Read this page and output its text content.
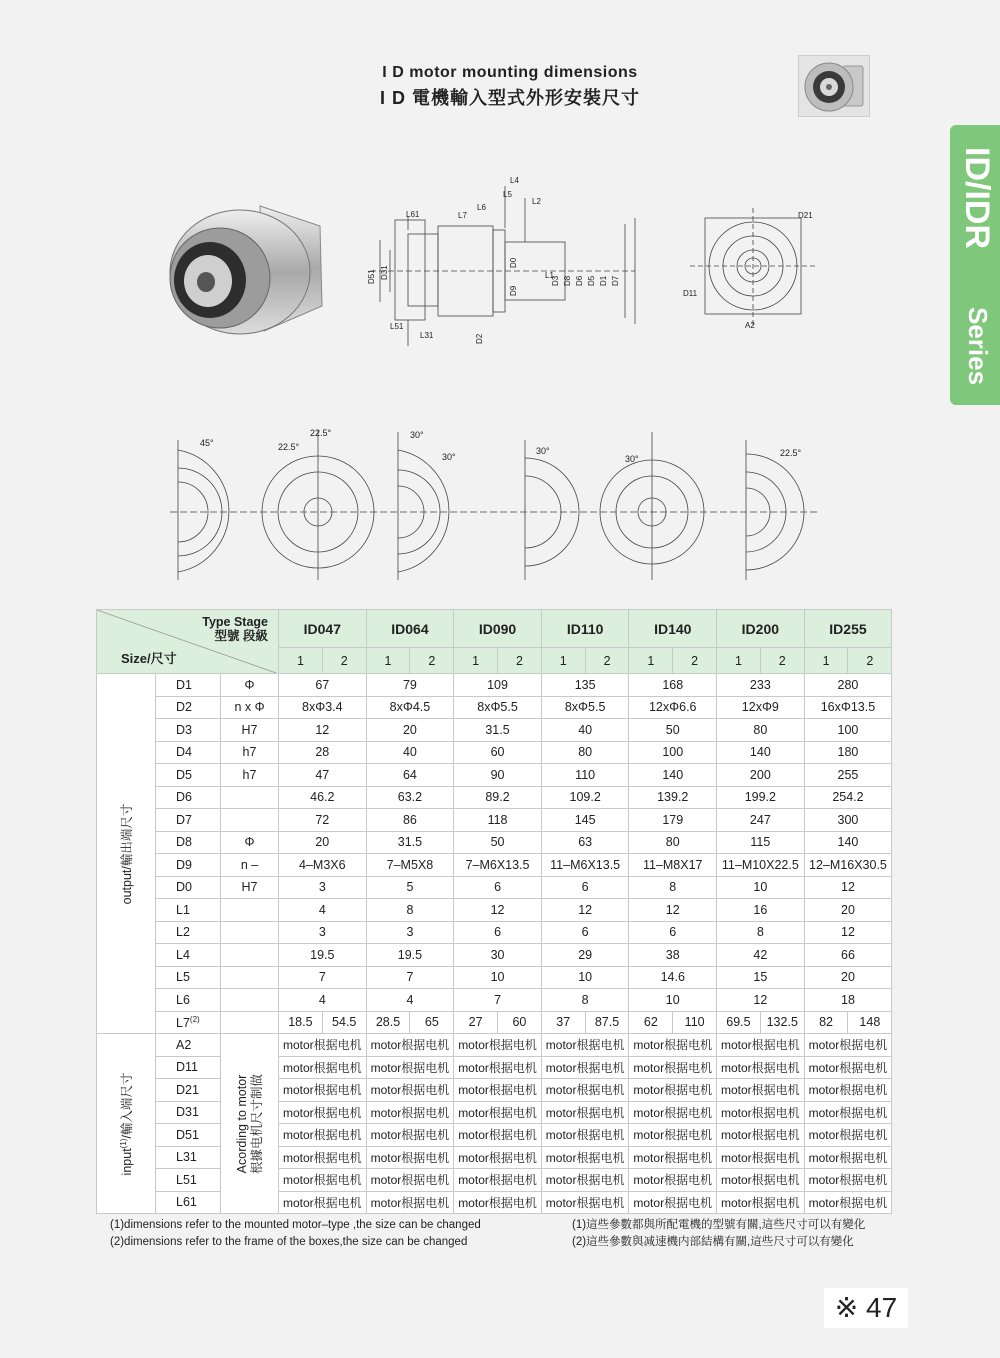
I D motor mounting dimensions
I D 電機輸入型式外形安裝尺寸
ID/IDR
Series
L4
L5
L2
L6
L61	L7
L1
L51
L31
D51 D31
D0
D9
D3 D8 D6 D5 D1 D7
D2
D21
D11
A2
45°	22.5°
22.5°	30°
30°
30°
30°
22.5°
Type Stage
型號 段級
Size/尺寸			ID047		ID064		ID090		ID110		ID140		ID200		ID255	
			1	2	1	2	1	2	1	2	1	2	1	2	1	2

output/輸出端尺寸	D1	Φ	67		79		109		135		168		233		280	
	D2	n x Φ	8xΦ3.4		8xΦ4.5		8xΦ5.5		8xΦ5.5		12xΦ6.6		12xΦ9		16xΦ13.5	
	D3	H7	12		20		31.5		40		50		80		100	
	D4	h7	28		40		60		80		100		140		180	
	D5	h7	47		64		90		110		140		200		255	
	D6		46.2		63.2		89.2		109.2		139.2		199.2		254.2	
	D7		72		86		118		145		179		247		300	
	D8	Φ	20		31.5		50		63		80		115		140	
	D9	n –	4–M3X6		7–M5X8		7–M6X13.5		11–M6X13.5		11–M8X17		11–M10X22.5		12–M16X30.5	
	D0	H7	3		5		6		6		8		10		12	
	L1		4		8		12		12		12		16		20	
	L2		3		3		6		6		6		8		12	
	L4		19.5		19.5		30		29		38		42		66	
	L5		7		7		10		10		14.6		15		20	
	L6		4		4		7		8		10		12		18	
	L7$^{(2)}$		18.5	54.5	28.5	65	27	60	37	87.5	62	110	69.5	132.5	82	148

input$^{(1)}$/輸入端尺寸	A2	Acording to motor 根據电机尺寸制做	motor根据电机		motor根据电机		motor根据电机		motor根据电机		motor根据电机		motor根据电机		motor根据电机	
	D11		motor根据电机		motor根据电机		motor根据电机		motor根据电机		motor根据电机		motor根据电机		motor根据电机	
	D21		motor根据电机		motor根据电机		motor根据电机		motor根据电机		motor根据电机		motor根据电机		motor根据电机	
	D31		motor根据电机		motor根据电机		motor根据电机		motor根据电机		motor根据电机		motor根据电机		motor根据电机	
	D51		motor根据电机		motor根据电机		motor根据电机		motor根据电机		motor根据电机		motor根据电机		motor根据电机	
	L31		motor根据电机		motor根据电机		motor根据电机		motor根据电机		motor根据电机		motor根据电机		motor根据电机	
	L51		motor根据电机		motor根据电机		motor根据电机		motor根据电机		motor根据电机		motor根据电机		motor根据电机	
	L61		motor根据电机		motor根据电机		motor根据电机		motor根据电机		motor根据电机		motor根据电机		motor根据电机	
(1)dimensions refer to the mounted motor–type ,the size can be changed
(2)dimensions refer to the frame of the boxes,the size can be changed
(1)這些參數都與所配電機的型號有關,這些尺寸可以有變化
(2)這些參數與减速機内部結構有關,這些尺寸可以有變化
※ 47
